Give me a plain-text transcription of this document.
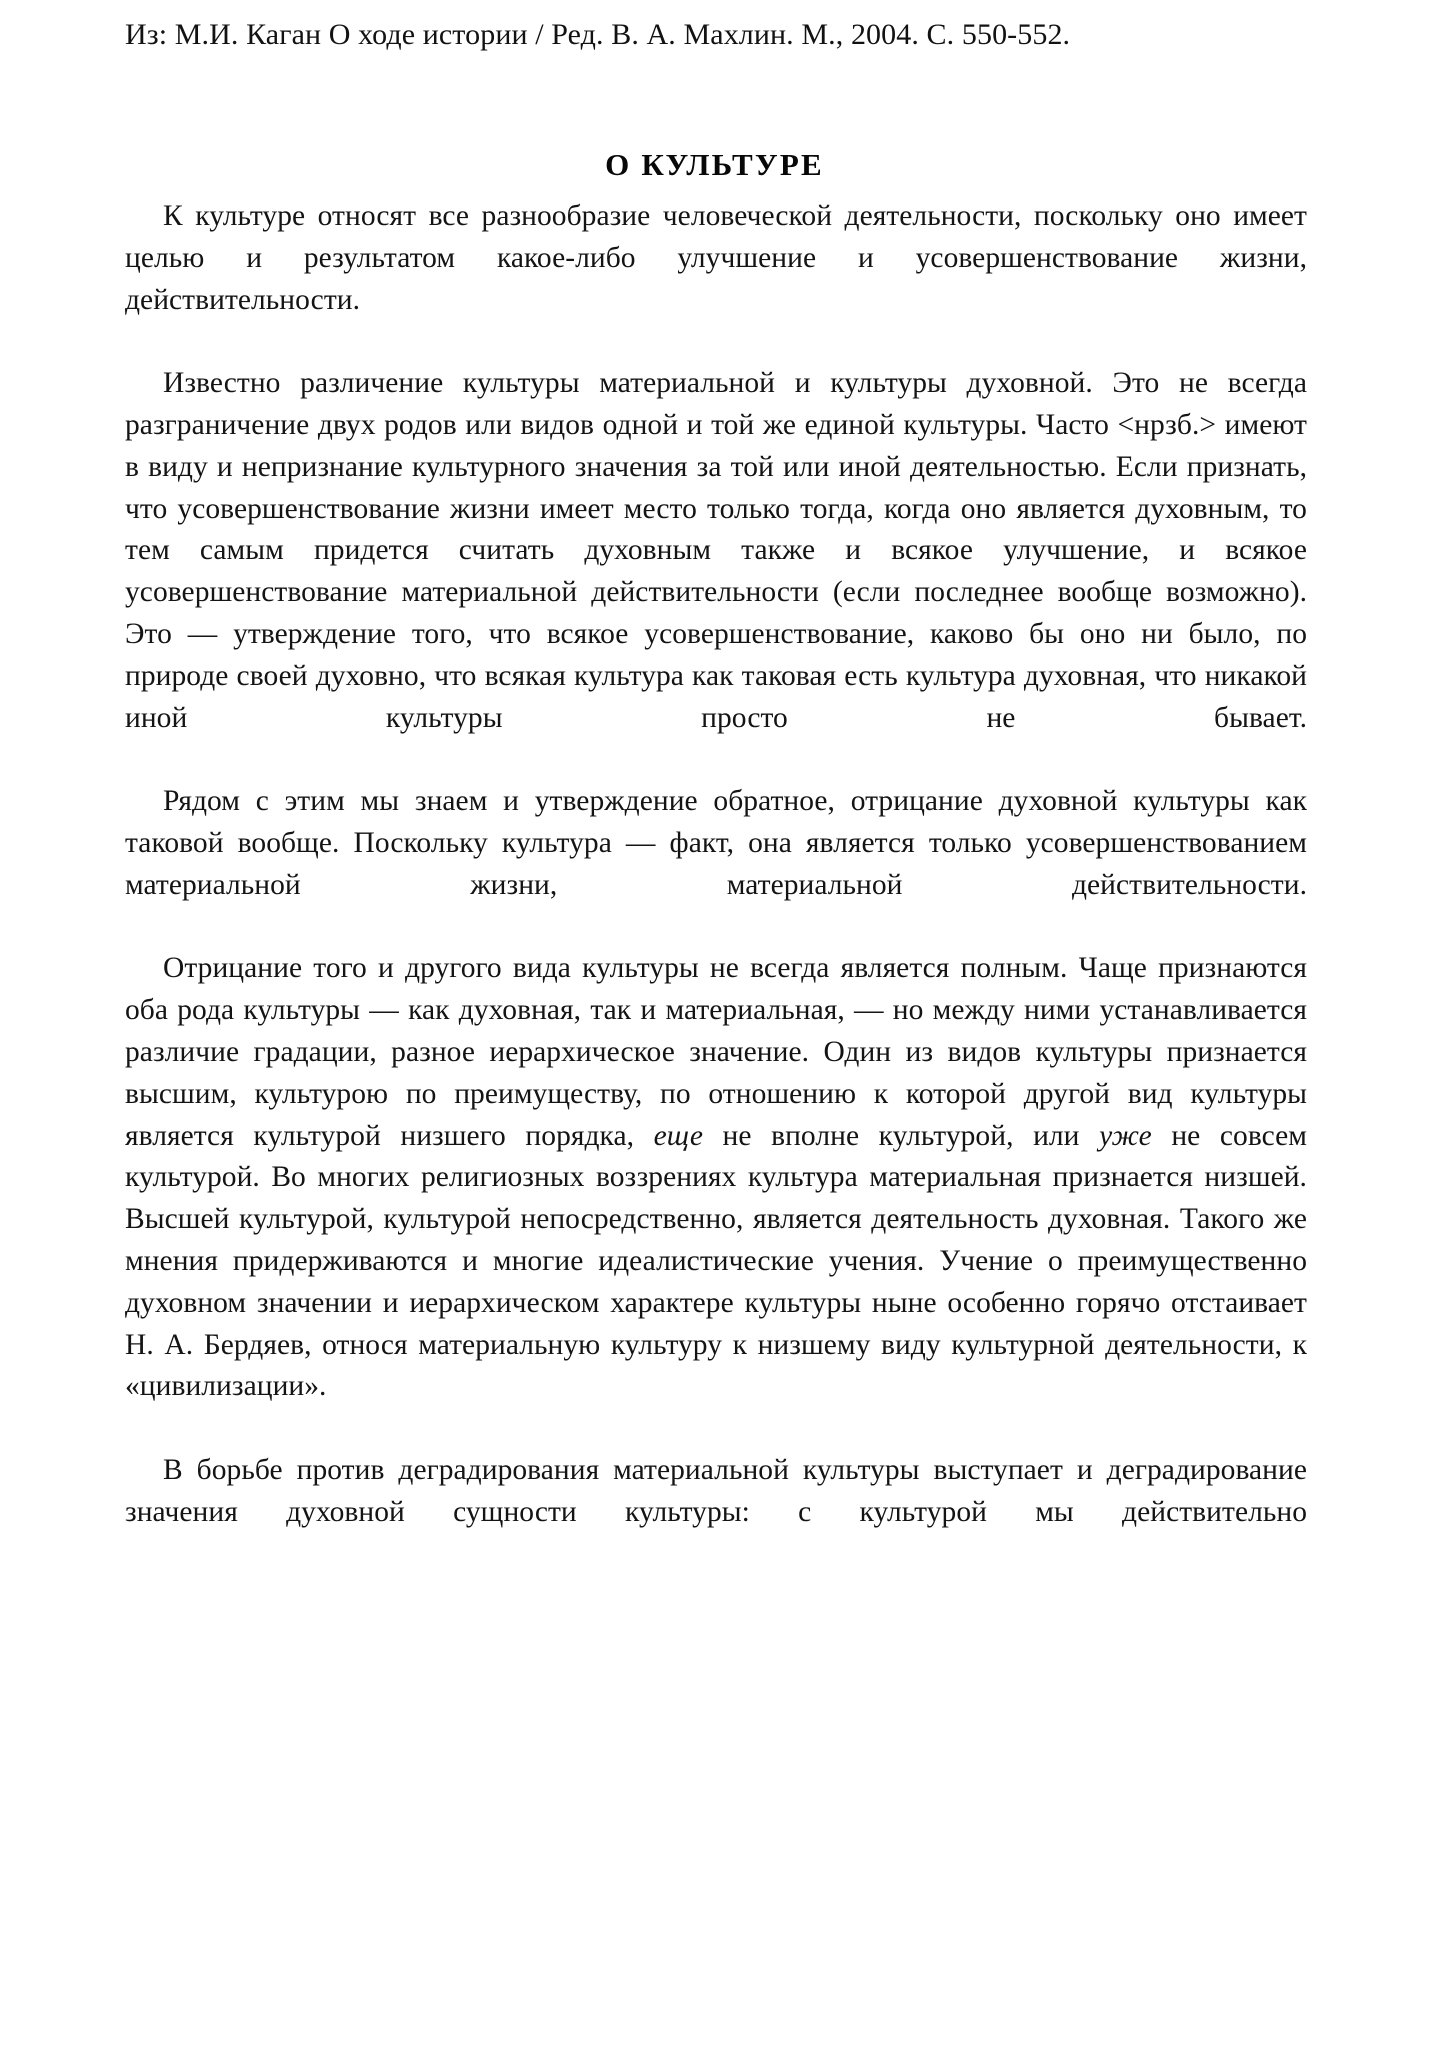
Из: М.И. Каган О ходе истории / Ред. В. А. Махлин. М., 2004. С. 550-552.
О КУЛЬТУРЕ

К культуре относят все разнообразие человеческой деятельности, поскольку оно имеет целью и результатом какое-либо улучшение и усовершенствование жизни, действительности.

Известно различение культуры материальной и культуры духовной. Это не всегда разграничение двух родов или видов одной и той же единой культуры. Часто <нрзб.> имеют в виду и непризнание культурного значения за той или иной деятельностью. Если признать, что усовершенствование жизни имеет место только тогда, когда оно является духовным, то тем самым придется считать духовным также и всякое улучшение, и всякое усовершенствование материальной действительности (если последнее вообще возможно). Это — утверждение того, что всякое усовершенствование, каково бы оно ни было, по природе своей духовно, что всякая культура как таковая есть культура духовная, что никакой иной культуры просто не бывает.

Рядом с этим мы знаем и утверждение обратное, отрицание духовной культуры как таковой вообще. Поскольку культура — факт, она является только усовершенствованием материальной жизни, материальной действительности.

Отрицание того и другого вида культуры не всегда является полным. Чаще признаются оба рода культуры — как духовная, так и материальная, — но между ними устанавливается различие градации, разное иерархическое значение. Один из видов культуры признается высшим, культурою по преимуществу, по отношению к которой другой вид культуры является культурой низшего порядка, еще не вполне культурой, или уже не совсем культурой. Во многих религиозных воззрениях культура материальная признается низшей. Высшей культурой, культурой непосредственно, является деятельность духовная. Такого же мнения придерживаются и многие идеалистические учения. Учение о преимущественно духовном значении и иерархическом характере культуры ныне особенно горячо отстаивает Н. А. Бердяев, относя материальную культуру к низшему виду культурной деятельности, к «цивилизации».

В борьбе против деградирования материальной культуры выступает и деградирование значения духовной сущности культуры: с культурой мы действительно
